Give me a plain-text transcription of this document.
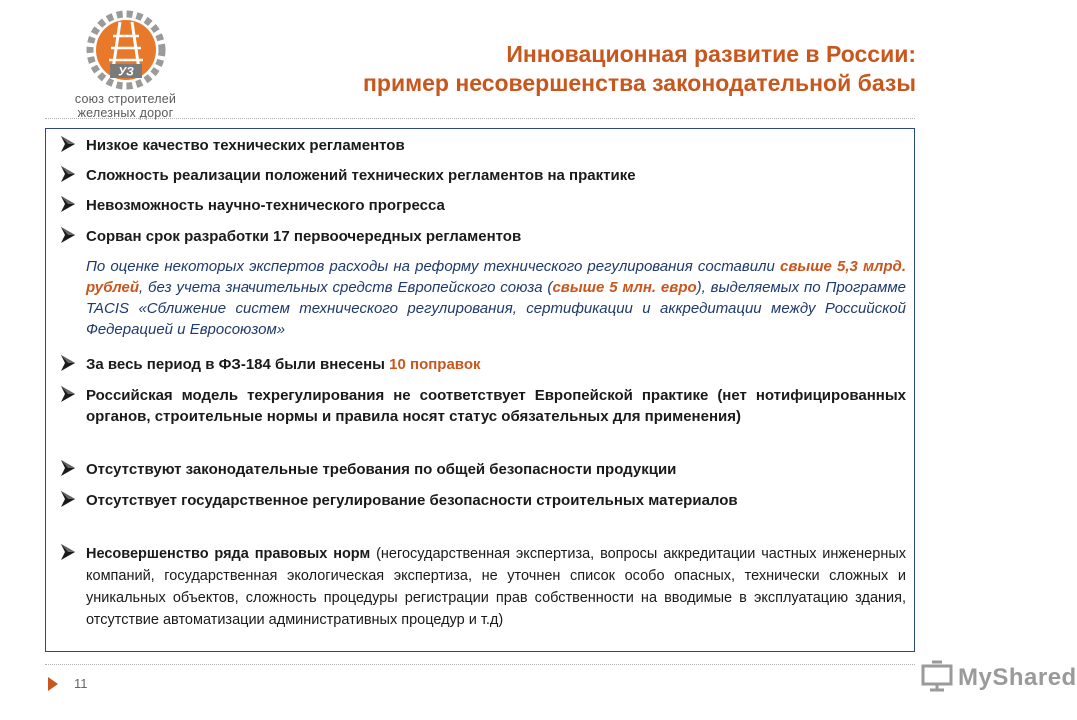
УЗ
союз строителей
железных дорог
Инновационная развитие в России:
пример несовершенства законодательной базы
Низкое качество технических регламентов
Сложность реализации положений технических регламентов на практике
Невозможность научно-технического прогресса
Сорван срок разработки 17 первоочередных регламентов
По оценке некоторых экспертов расходы на реформу технического регулирования составили свыше 5,3 млрд. рублей, без учета значительных средств Европейского союза (свыше 5 млн. евро), выделяемых по Программе TACIS «Сближение систем технического регулирования, сертификации и аккредитации между Российской Федерацией и Евросоюзом»
За весь период в ФЗ-184 были внесены 10 поправок
Российская модель техрегулирования не соответствует Европейской практике (нет нотифицированных органов, строительные нормы и правила носят статус обязательных для применения)
Отсутствуют законодательные требования по общей безопасности продукции
Отсутствует государственное регулирование безопасности строительных материалов
Несовершенство ряда правовых норм (негосударственная экспертиза, вопросы аккредитации частных инженерных компаний, государственная экологическая экспертиза, не уточнен список особо опасных, технически сложных и уникальных объектов, сложность процедуры регистрации прав собственности на вводимые в эксплуатацию здания, отсутствие автоматизации административных процедур и т.д)
11	MyShared
